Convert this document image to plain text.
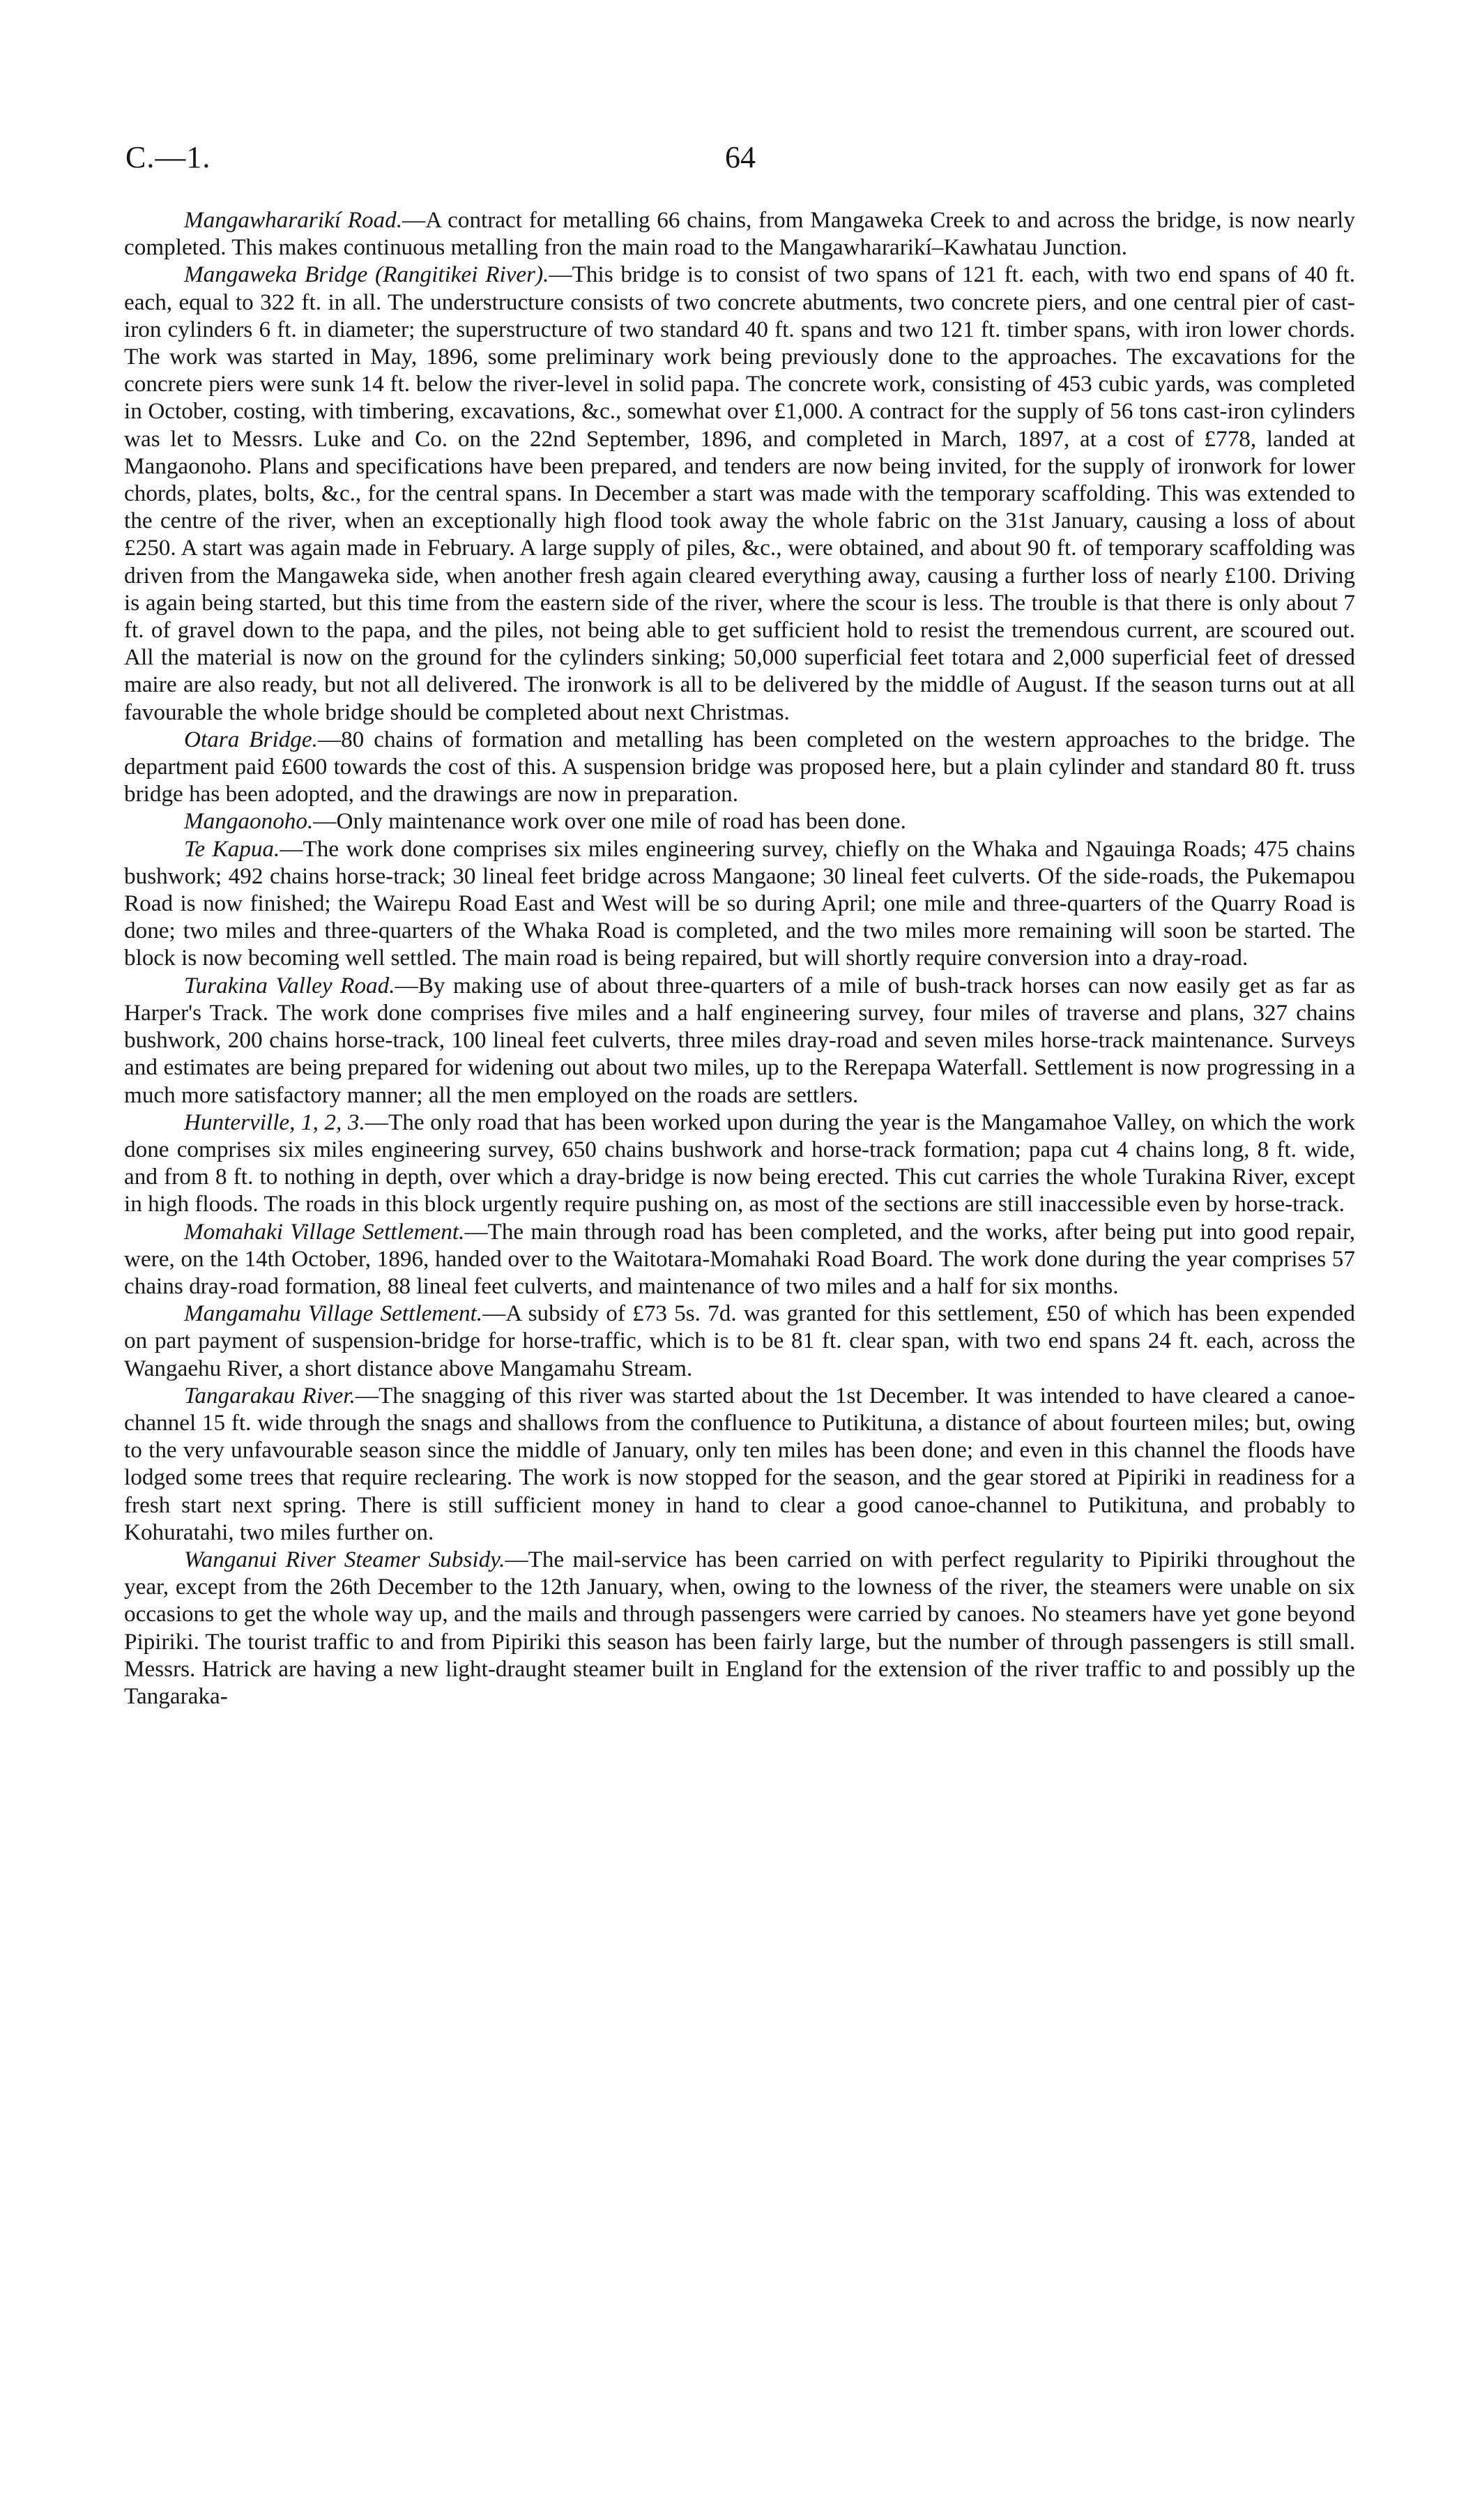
C.—1.	64

Mangawhararikí Road.—A contract for metalling 66 chains, from Mangaweka Creek to and across the bridge, is now nearly completed. This makes continuous metalling fron the main road to the Mangawhararikí–Kawhatau Junction.

Mangaweka Bridge (Rangitikei River).—This bridge is to consist of two spans of 121 ft. each, with two end spans of 40 ft. each, equal to 322 ft. in all. The understructure consists of two concrete abutments, two concrete piers, and one central pier of cast-iron cylinders 6 ft. in diameter; the superstructure of two standard 40 ft. spans and two 121 ft. timber spans, with iron lower chords. The work was started in May, 1896, some preliminary work being previously done to the approaches. The excavations for the concrete piers were sunk 14 ft. below the river-level in solid papa. The concrete work, consisting of 453 cubic yards, was completed in October, costing, with timbering, excavations, &c., somewhat over £1,000. A contract for the supply of 56 tons cast-iron cylinders was let to Messrs. Luke and Co. on the 22nd September, 1896, and completed in March, 1897, at a cost of £778, landed at Mangaonoho. Plans and specifications have been prepared, and tenders are now being invited, for the supply of ironwork for lower chords, plates, bolts, &c., for the central spans. In December a start was made with the temporary scaffolding. This was extended to the centre of the river, when an exceptionally high flood took away the whole fabric on the 31st January, causing a loss of about £250. A start was again made in February. A large supply of piles, &c., were obtained, and about 90 ft. of temporary scaffolding was driven from the Mangaweka side, when another fresh again cleared everything away, causing a further loss of nearly £100. Driving is again being started, but this time from the eastern side of the river, where the scour is less. The trouble is that there is only about 7 ft. of gravel down to the papa, and the piles, not being able to get sufficient hold to resist the tremendous current, are scoured out. All the material is now on the ground for the cylinders sinking; 50,000 superficial feet totara and 2,000 superficial feet of dressed maire are also ready, but not all delivered. The ironwork is all to be delivered by the middle of August. If the season turns out at all favourable the whole bridge should be completed about next Christmas.

Otara Bridge.—80 chains of formation and metalling has been completed on the western approaches to the bridge. The department paid £600 towards the cost of this. A suspension bridge was proposed here, but a plain cylinder and standard 80 ft. truss bridge has been adopted, and the drawings are now in preparation.

Mangaonoho.—Only maintenance work over one mile of road has been done.

Te Kapua.—The work done comprises six miles engineering survey, chiefly on the Whaka and Ngauinga Roads; 475 chains bushwork; 492 chains horse-track; 30 lineal feet bridge across Mangaone; 30 lineal feet culverts. Of the side-roads, the Pukemapou Road is now finished; the Wairepu Road East and West will be so during April; one mile and three-quarters of the Quarry Road is done; two miles and three-quarters of the Whaka Road is completed, and the two miles more remaining will soon be started. The block is now becoming well settled. The main road is being repaired, but will shortly require conversion into a dray-road.

Turakina Valley Road.—By making use of about three-quarters of a mile of bush-track horses can now easily get as far as Harper's Track. The work done comprises five miles and a half engineering survey, four miles of traverse and plans, 327 chains bushwork, 200 chains horse-track, 100 lineal feet culverts, three miles dray-road and seven miles horse-track maintenance. Surveys and estimates are being prepared for widening out about two miles, up to the Rerepapa Waterfall. Settlement is now progressing in a much more satisfactory manner; all the men employed on the roads are settlers.

Hunterville, 1, 2, 3.—The only road that has been worked upon during the year is the Mangamahoe Valley, on which the work done comprises six miles engineering survey, 650 chains bushwork and horse-track formation; papa cut 4 chains long, 8 ft. wide, and from 8 ft. to nothing in depth, over which a dray-bridge is now being erected. This cut carries the whole Turakina River, except in high floods. The roads in this block urgently require pushing on, as most of the sections are still inaccessible even by horse-track.

Momahaki Village Settlement.—The main through road has been completed, and the works, after being put into good repair, were, on the 14th October, 1896, handed over to the Waitotara-Momahaki Road Board. The work done during the year comprises 57 chains dray-road formation, 88 lineal feet culverts, and maintenance of two miles and a half for six months.

Mangamahu Village Settlement.—A subsidy of £73 5s. 7d. was granted for this settlement, £50 of which has been expended on part payment of suspension-bridge for horse-traffic, which is to be 81 ft. clear span, with two end spans 24 ft. each, across the Wangaehu River, a short distance above Mangamahu Stream.

Tangarakau River.—The snagging of this river was started about the 1st December. It was intended to have cleared a canoe-channel 15 ft. wide through the snags and shallows from the confluence to Putikituna, a distance of about fourteen miles; but, owing to the very unfavourable season since the middle of January, only ten miles has been done; and even in this channel the floods have lodged some trees that require reclearing. The work is now stopped for the season, and the gear stored at Pipiriki in readiness for a fresh start next spring. There is still sufficient money in hand to clear a good canoe-channel to Putikituna, and probably to Kohuratahi, two miles further on.

Wanganui River Steamer Subsidy.—The mail-service has been carried on with perfect regularity to Pipiriki throughout the year, except from the 26th December to the 12th January, when, owing to the lowness of the river, the steamers were unable on six occasions to get the whole way up, and the mails and through passengers were carried by canoes. No steamers have yet gone beyond Pipiriki. The tourist traffic to and from Pipiriki this season has been fairly large, but the number of through passengers is still small. Messrs. Hatrick are having a new light-draught steamer built in England for the extension of the river traffic to and possibly up the Tangaraka-
